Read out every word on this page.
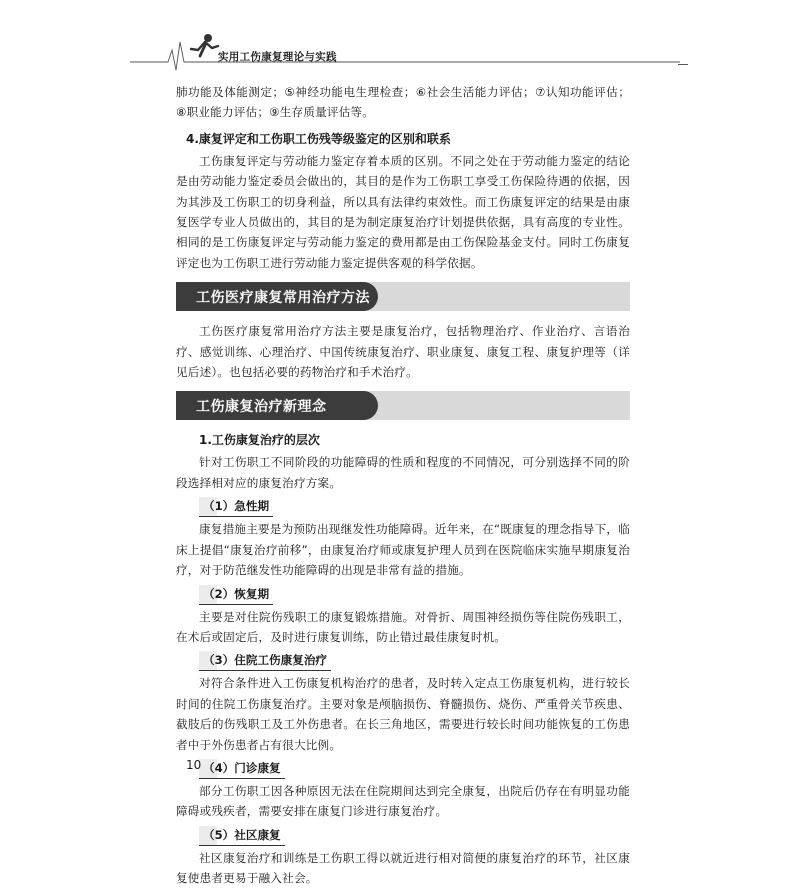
实用工伤康复理论与实践

肺功能及体能测定；⑤神经功能电生理检查；⑥社会生活能力评估；⑦认知功能评估；⑧职业能力评估；⑨生存质量评估等。

4.康复评定和工伤职工伤残等级鉴定的区别和联系

工伤康复评定与劳动能力鉴定存着本质的区别。不同之处在于劳动能力鉴定的结论是由劳动能力鉴定委员会做出的，其目的是作为工伤职工享受工伤保险待遇的依据，因为其涉及工伤职工的切身利益，所以具有法律约束效性。而工伤康复评定的结果是由康复医学专业人员做出的，其目的是为制定康复治疗计划提供依据，具有高度的专业性。相同的是工伤康复评定与劳动能力鉴定的费用都是由工伤保险基金支付。同时工伤康复评定也为工伤职工进行劳动能力鉴定提供客观的科学依据。

工伤医疗康复常用治疗方法

工伤医疗康复常用治疗方法主要是康复治疗，包括物理治疗、作业治疗、言语治疗、感觉训练、心理治疗、中国传统康复治疗、职业康复、康复工程、康复护理等（详见后述）。也包括必要的药物治疗和手术治疗。

工伤康复治疗新理念
1.工伤康复治疗的层次

针对工伤职工不同阶段的功能障碍的性质和程度的不同情况，可分别选择不同的阶段选择相对应的康复治疗方案。

（1）急性期

康复措施主要是为预防出现继发性功能障碍。近年来，在“既康复的理念指导下，临床上提倡“康复治疗前移”，由康复治疗师或康复护理人员到在医院临床实施早期康复治疗，对于防范继发性功能障碍的出现是非常有益的措施。

（2）恢复期

主要是对住院伤残职工的康复锻炼措施。对骨折、周围神经损伤等住院伤残职工，在术后或固定后，及时进行康复训练，防止错过最佳康复时机。

（3）住院工伤康复治疗

对符合条件进入工伤康复机构治疗的患者，及时转入定点工伤康复机构，进行较长时间的住院工伤康复治疗。主要对象是颅脑损伤、脊髓损伤、烧伤、严重骨关节疾患、截肢后的伤残职工及工外伤患者。在长三角地区，需要进行较长时间功能恢复的工伤患者中于外伤患者占有很大比例。

（4）门诊康复

部分工伤职工因各种原因无法在住院期间达到完全康复，出院后仍存在有明显功能障碍或残疾者，需要安排在康复门诊进行康复治疗。

（5）社区康复

社区康复治疗和训练是工伤职工得以就近进行相对简便的康复治疗的环节，社区康复使患者更易于融入社会。

10
